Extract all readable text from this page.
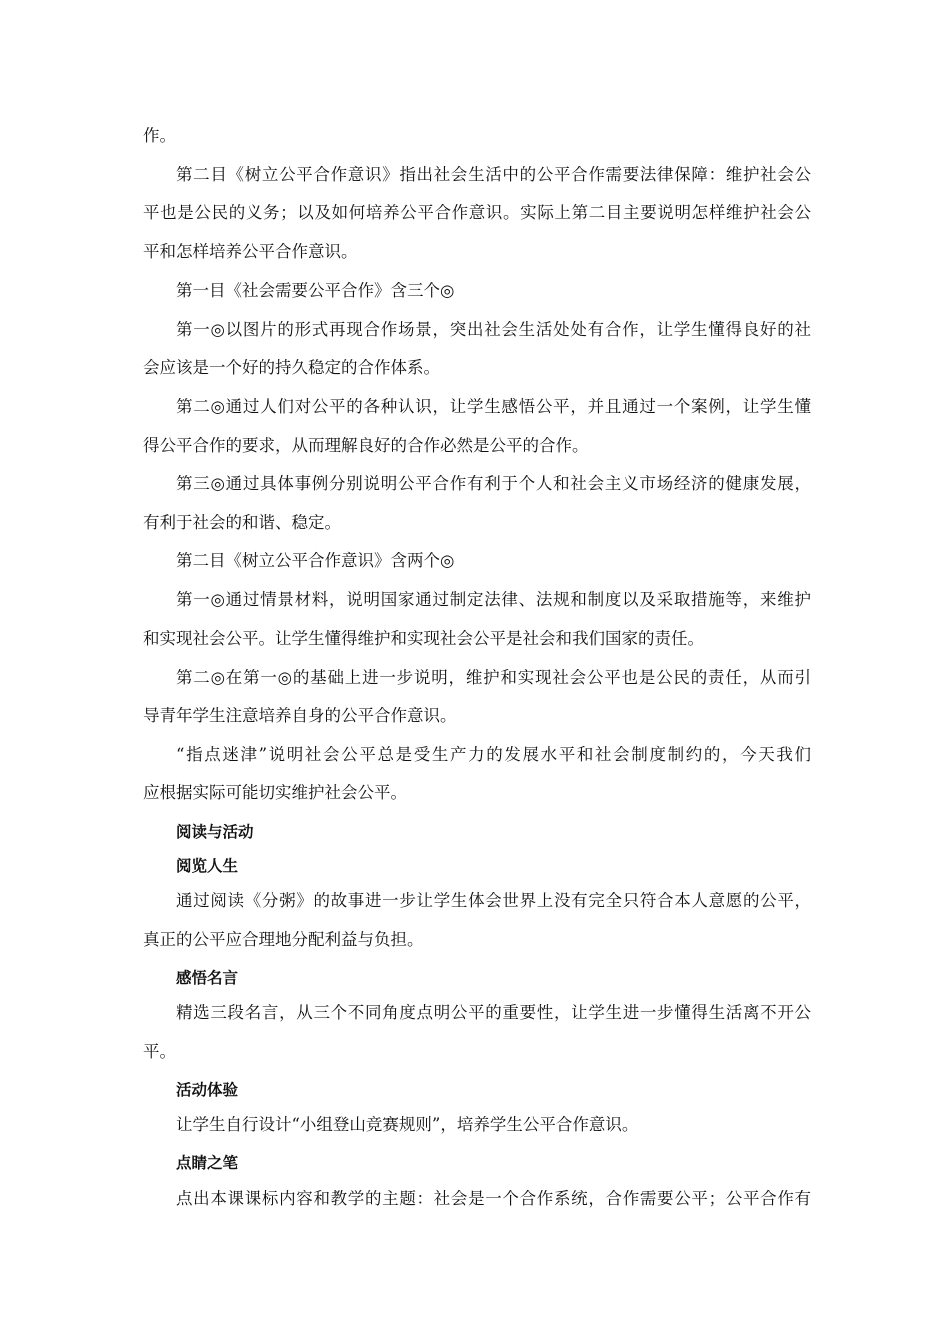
作。
第二目《树立公平合作意识》指出社会生活中的公平合作需要法律保障：维护社会公
平也是公民的义务；以及如何培养公平合作意识。实际上第二目主要说明怎样维护社会公
平和怎样培养公平合作意识。
第一目《社会需要公平合作》含三个◎
第一◎以图片的形式再现合作场景，突出社会生活处处有合作，让学生懂得良好的社
会应该是一个好的持久稳定的合作体系。
第二◎通过人们对公平的各种认识，让学生感悟公平，并且通过一个案例，让学生懂
得公平合作的要求，从而理解良好的合作必然是公平的合作。
第三◎通过具体事例分别说明公平合作有利于个人和社会主义市场经济的健康发展，
有利于社会的和谐、稳定。
第二目《树立公平合作意识》含两个◎
第一◎通过情景材料，说明国家通过制定法律、法规和制度以及采取措施等，来维护
和实现社会公平。让学生懂得维护和实现社会公平是社会和我们国家的责任。
第二◎在第一◎的基础上进一步说明，维护和实现社会公平也是公民的责任，从而引
导青年学生注意培养自身的公平合作意识。
“指点迷津”说明社会公平总是受生产力的发展水平和社会制度制约的，今天我们
应根据实际可能切实维护社会公平。
阅读与活动
阅览人生
通过阅读《分粥》的故事进一步让学生体会世界上没有完全只符合本人意愿的公平，
真正的公平应合理地分配利益与负担。
感悟名言
精选三段名言，从三个不同角度点明公平的重要性，让学生进一步懂得生活离不开公
平。
活动体验
让学生自行设计“小组登山竞赛规则”，培养学生公平合作意识。
点睛之笔
点出本课课标内容和教学的主题：社会是一个合作系统，合作需要公平；公平合作有
